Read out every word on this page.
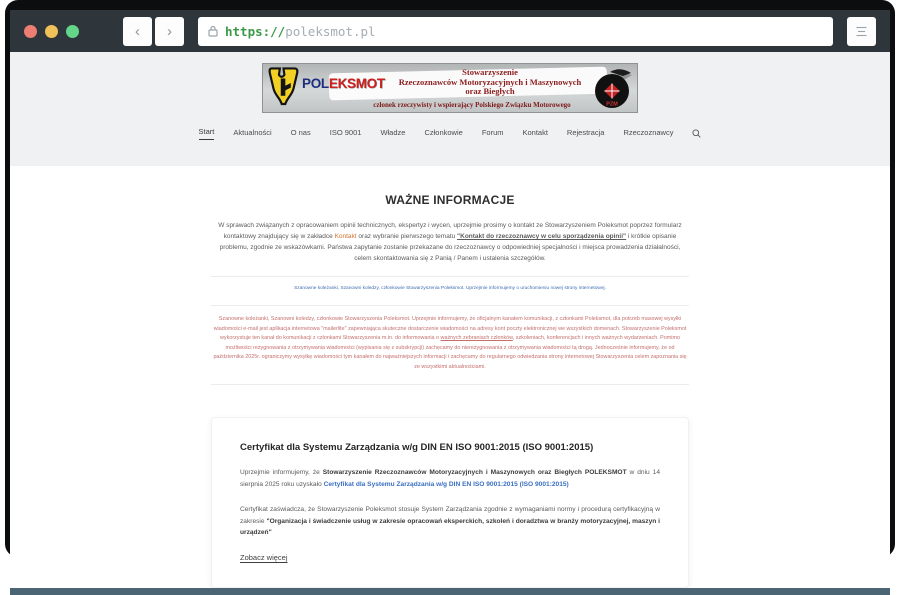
‹ ›	https://poleksmot.pl
POLEKSMOT
Stowarzyszenie
Rzeczoznawców Motoryzacyjnych i Maszynowych
oraz Biegłych
członek rzeczywisty i wspierający Polskiego Związku Motorowego	PZM
Start	Aktualności	O nas	ISO 9001	Władze	Członkowie	Forum	Kontakt	Rejestracja	Rzeczoznawcy
WAŻNE INFORMACJE

W sprawach związanych z opracowaniem opinii technicznych, ekspertyz i wycen, uprzejmie prosimy o kontakt ze Stowarzyszeniem Poleksmot poprzez formularz kontaktowy znajdujący się w zakładce Kontakt oraz wybranie pierwszego tematu "Kontakt do rzeczoznawcy w celu sporządzenia opinii" i krótkie opisanie problemu, zgodnie ze wskazówkami. Państwa zapytanie zostanie przekazane do rzeczoznawcy o odpowiedniej specjalności i miejsca prowadzenia działalności, celem skontaktowania się z Panią / Panem i ustalenia szczegółów.

Szanowne koleżanki, Szanowni koledzy, członkowie Stowarzyszenia Poleksmot. Uprzejmie informujemy o uruchomieniu nowej strony internetowej.

Szanowne koleżanki, Szanowni koledzy, członkowie Stowarzyszenia Poleksmot. Uprzejmie informujemy, że oficjalnym kanałem komunikacji, z członkami Poleksmot, dla potrzeb masowej wysyłki wiadomości e-mail jest aplikacja internetowa "mailerlite" zapewniająca skuteczne dostarczenie wiadomości na adresy kont poczty elektronicznej we wszystkich domenach. Stowarzyszenie Poleksmot wykorzystuje ten kanał do komunikacji z członkami Stowarzyszenia m.in. do informowania o ważnych zebraniach członków, szkoleniach, konferencjach i innych ważnych wydarzeniach. Pomimo możliwości rezygnowania z otrzymywania wiadomości (wypisania się z subskrypcji) zachęcamy do nierezygnowania z otrzymywania wiadomości tą drogą. Jednocześnie informujemy, że od października 2025r. ograniczymy wysyłkę wiadomości tym kanałem do najważniejszych informacji i zachęcamy do regularnego odwiedzania strony internetowej Stowarzyszenia celem zapoznania się ze wszystkimi aktualnościami.

Certyfikat dla Systemu Zarządzania w/g DIN EN ISO 9001:2015 (ISO 9001:2015)

Uprzejmie informujemy, że Stowarzyszenie Rzeczoznawców Motoryzacyjnych i Maszynowych oraz Biegłych POLEKSMOT w dniu 14 sierpnia 2025 roku uzyskało Certyfikat dla Systemu Zarządzania w/g DIN EN ISO 9001:2015 (ISO 9001:2015)

Certyfikat zaświadcza, że Stowarzyszenie Poleksmot stosuje System Zarządzania zgodnie z wymaganiami normy i procedurą certyfikacyjną w zakresie "Organizacja i świadczenie usług w zakresie opracowań eksperckich, szkoleń i doradztwa w branży motoryzacyjnej, maszyn i urządzeń"

Zobacz więcej
